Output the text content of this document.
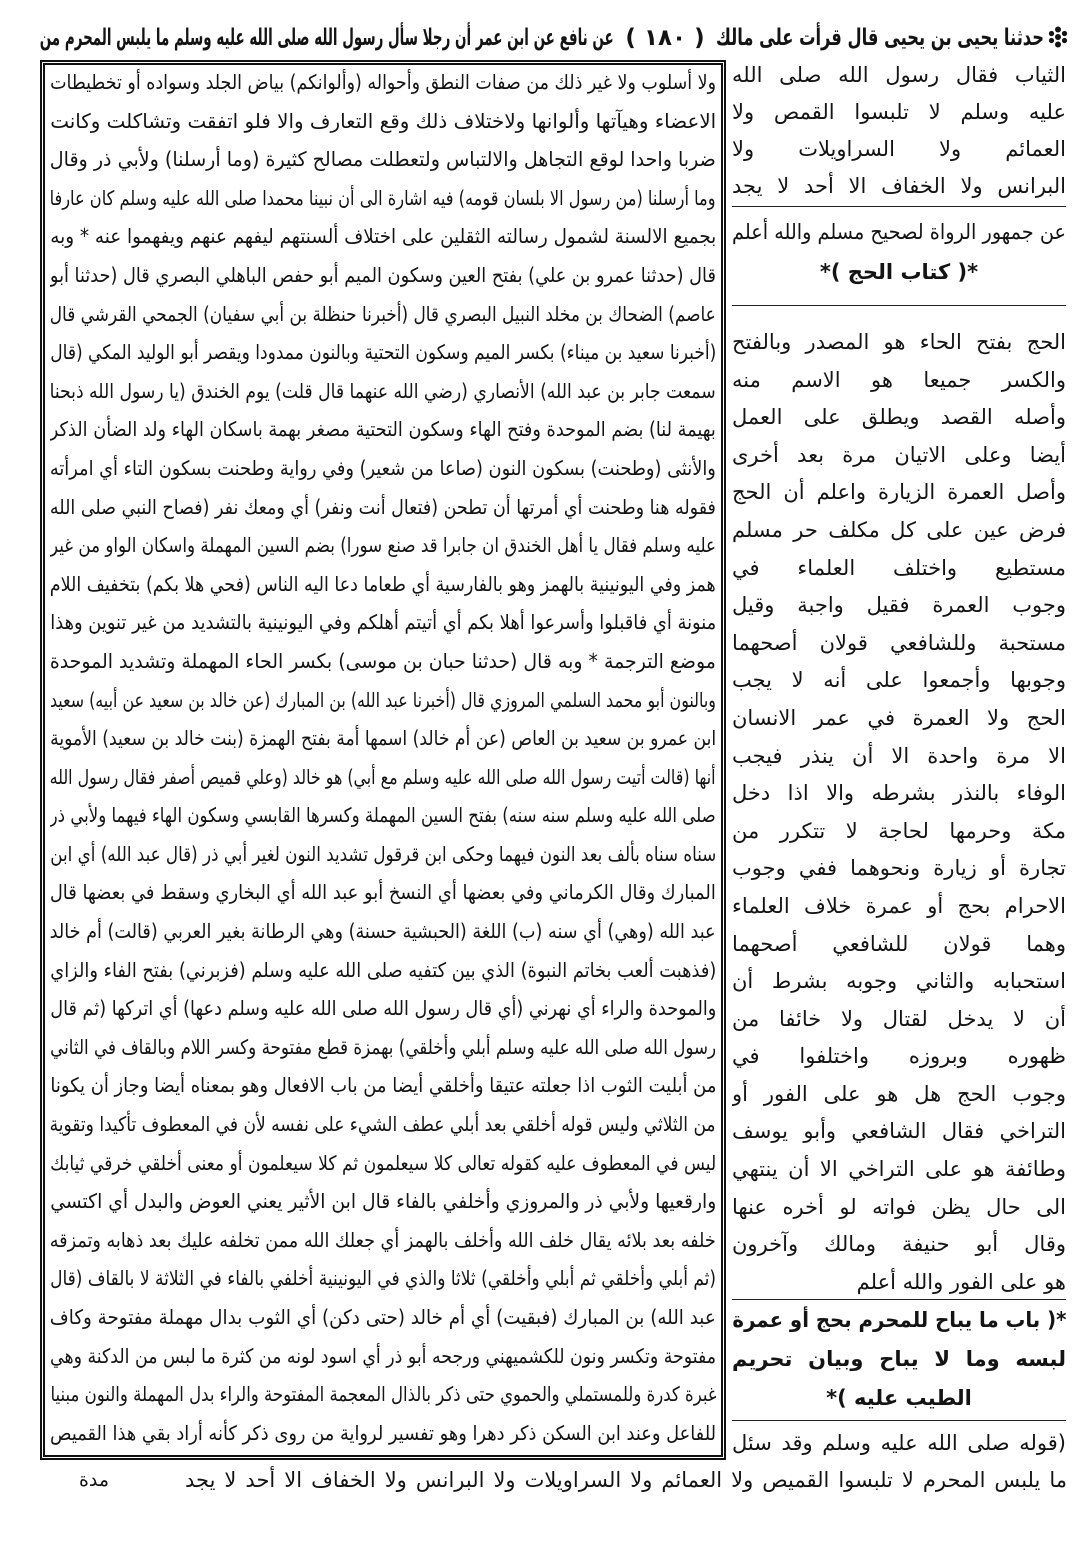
حدثنا يحيى بن يحيى قال قرأت على مالك
( ١٨٠ )
عن نافع عن ابن عمر أن رجلا سأل رسول الله صلى الله عليه وسلم ما يلبس المحرم من
ولا أسلوب ولا غير ذلك من صفات النطق وأحواله (وألوانكم) بياض الجلد وسواده أو تخطيطات
الاعضاء وهيآتها وألوانها ولاختلاف ذلك وقع التعارف والا فلو اتفقت وتشاكلت وكانت
ضربا واحدا لوقع التجاهل والالتباس ولتعطلت مصالح كثيرة (وما أرسلنا) ولأبي ذر وقال
وما أرسلنا (من رسول الا بلسان قومه) فيه اشارة الى أن نبينا محمدا صلى الله عليه وسلم كان عارفا
بجميع الالسنة لشمول رسالته الثقلين على اختلاف ألسنتهم ليفهم عنهم ويفهموا عنه * وبه
قال (حدثنا عمرو بن علي) بفتح العين وسكون الميم أبو حفص الباهلي البصري قال (حدثنا أبو
عاصم) الضحاك بن مخلد النبيل البصري قال (أخبرنا حنظلة بن أبي سفيان) الجمحي القرشي قال
(أخبرنا سعيد بن ميناء) بكسر الميم وسكون التحتية وبالنون ممدودا ويقصر أبو الوليد المكي (قال
سمعت جابر بن عبد الله) الأنصاري (رضي الله عنهما قال قلت) يوم الخندق (يا رسول الله ذبحنا
بهيمة لنا) بضم الموحدة وفتح الهاء وسكون التحتية مصغر بهمة باسكان الهاء ولد الضأن الذكر
والأنثى (وطحنت) بسكون النون (صاعا من شعير) وفي رواية وطحنت بسكون التاء أي امرأته
فقوله هنا وطحنت أي أمرتها أن تطحن (فتعال أنت ونفر) أي ومعك نفر (فصاح النبي صلى الله
عليه وسلم فقال يا أهل الخندق ان جابرا قد صنع سورا) بضم السين المهملة واسكان الواو من غير
همز وفي اليونينية بالهمز وهو بالفارسية أي طعاما دعا اليه الناس (فحي هلا بكم) بتخفيف اللام
منونة أي فاقبلوا وأسرعوا أهلا بكم أي أتيتم أهلكم وفي اليونينية بالتشديد من غير تنوين وهذا
موضع الترجمة * وبه قال (حدثنا حبان بن موسى) بكسر الحاء المهملة وتشديد الموحدة
وبالنون أبو محمد السلمي المروزي قال (أخبرنا عبد الله) بن المبارك (عن خالد بن سعيد عن أبيه) سعيد
ابن عمرو بن سعيد بن العاص (عن أم خالد) اسمها أمة بفتح الهمزة (بنت خالد بن سعيد) الأموية
أنها (قالت أتيت رسول الله صلى الله عليه وسلم مع أبي) هو خالد (وعلي قميص أصفر فقال رسول الله
صلى الله عليه وسلم سنه سنه) بفتح السين المهملة وكسرها القابسي وسكون الهاء فيهما ولأبي ذر
سناه سناه بألف بعد النون فيهما وحكى ابن قرقول تشديد النون لغير أبي ذر (قال عبد الله) أي ابن
المبارك وقال الكرماني وفي بعضها أي النسخ أبو عبد الله أي البخاري وسقط في بعضها قال
عبد الله (وهي) أي سنه (ب) اللغة (الحبشية حسنة) وهي الرطانة بغير العربي (قالت) أم خالد
(فذهبت ألعب بخاتم النبوة) الذي بين كتفيه صلى الله عليه وسلم (فزبرني) بفتح الفاء والزاي
والموحدة والراء أي نهرني (أي قال رسول الله صلى الله عليه وسلم دعها) أي اتركها (ثم قال
رسول الله صلى الله عليه وسلم أبلي وأخلقي) بهمزة قطع مفتوحة وكسر اللام وبالقاف في الثاني
من أبليت الثوب اذا جعلته عتيقا وأخلقي أيضا من باب الافعال وهو بمعناه أيضا وجاز أن يكونا
من الثلاثي وليس قوله أخلقي بعد أبلي عطف الشيء على نفسه لأن في المعطوف تأكيدا وتقوية
ليس في المعطوف عليه كقوله تعالى كلا سيعلمون ثم كلا سيعلمون أو معنى أخلقي خرقي ثيابك
وارقعيها ولأبي ذر والمروزي وأخلفي بالفاء قال ابن الأثير يعني العوض والبدل أي اكتسي
خلفه بعد بلائه يقال خلف الله وأخلف بالهمز أي جعلك الله ممن تخلفه عليك بعد ذهابه وتمزقه
(ثم أبلي وأخلقي ثم أبلي وأخلقي) ثلاثا والذي في اليونينية أخلفي بالفاء في الثلاثة لا بالقاف (قال
عبد الله) بن المبارك (فبقيت) أي أم خالد (حتى دكن) أي الثوب بدال مهملة مفتوحة وكاف
مفتوحة وتكسر ونون للكشميهني ورجحه أبو ذر أي اسود لونه من كثرة ما لبس من الدكنة وهي
غبرة كدرة وللمستملي والحموي حتى ذكر بالذال المعجمة المفتوحة والراء بدل المهملة والنون مبنيا
للفاعل وعند ابن السكن ذكر دهرا وهو تفسير لرواية من روى ذكر كأنه أراد بقي هذا القميص
الثياب فقال رسول الله صلى الله
عليه وسلم لا تلبسوا القمص ولا
العمائم ولا السراويلات ولا
البرانس ولا الخفاف الا أحد لا يجد
عن جمهور الرواة لصحيح مسلم والله أعلم
*( كتاب الحج )*
الحج بفتح الحاء هو المصدر وبالفتح
والكسر جميعا هو الاسم منه
وأصله القصد ويطلق على العمل
أيضا وعلى الاتيان مرة بعد أخرى
وأصل العمرة الزيارة واعلم أن الحج
فرض عين على كل مكلف حر مسلم
مستطيع واختلف العلماء في
وجوب العمرة فقيل واجبة وقيل
مستحبة وللشافعي قولان أصحهما
وجوبها وأجمعوا على أنه لا يجب
الحج ولا العمرة في عمر الانسان
الا مرة واحدة الا أن ينذر فيجب
الوفاء بالنذر بشرطه والا اذا دخل
مكة وحرمها لحاجة لا تتكرر من
تجارة أو زيارة ونحوهما ففي وجوب
الاحرام بحج أو عمرة خلاف العلماء
وهما قولان للشافعي أصحهما
استحبابه والثاني وجوبه بشرط أن
أن لا يدخل لقتال ولا خائفا من
ظهوره وبروزه واختلفوا في
وجوب الحج هل هو على الفور أو
التراخي فقال الشافعي وأبو يوسف
وطائفة هو على التراخي الا أن ينتهي
الى حال يظن فواته لو أخره عنها
وقال أبو حنيفة ومالك وآخرون
هو على الفور والله أعلم
*( باب ما يباح للمحرم بحج أو عمرة
لبسه وما لا يباح وبيان تحريم
الطيب عليه )*
(قوله صلى الله عليه وسلم وقد سئل
ما يلبس المحرم لا تلبسوا القميص ولا العمائم ولا السراويلات ولا البرانس ولا الخفاف الا أحد لا يجد
مدة
